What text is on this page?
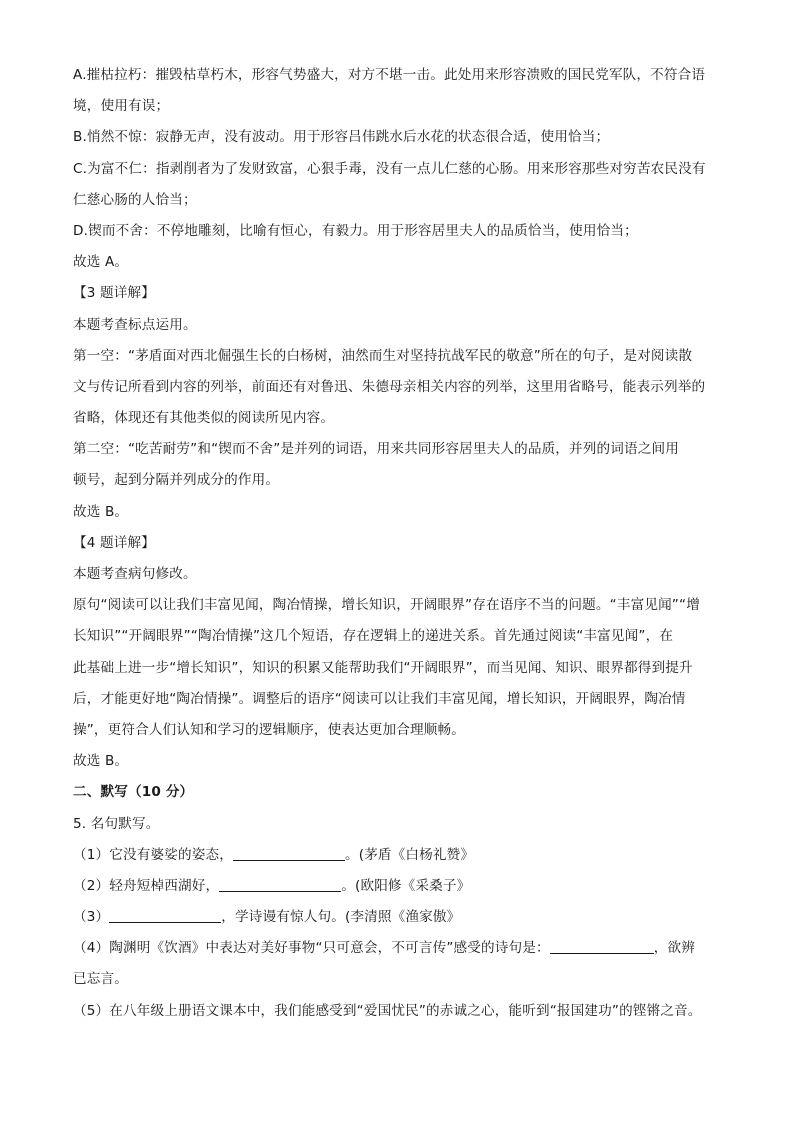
A.摧枯拉朽：摧毁枯草朽木，形容气势盛大，对方不堪一击。此处用来形容溃败的国民党军队，不符合语
境，使用有误；
B.悄然不惊：寂静无声，没有波动。用于形容吕伟跳水后水花的状态很合适，使用恰当；
C.为富不仁：指剥削者为了发财致富，心狠手毒，没有一点儿仁慈的心肠。用来形容那些对穷苦农民没有
仁慈心肠的人恰当；
D.锲而不舍：不停地雕刻，比喻有恒心，有毅力。用于形容居里夫人的品质恰当，使用恰当；
故选 A。
【3 题详解】
本题考查标点运用。
第一空：“茅盾面对西北倔强生长的白杨树，油然而生对坚持抗战军民的敬意”所在的句子，是对阅读散
文与传记所看到内容的列举，前面还有对鲁迅、朱德母亲相关内容的列举，这里用省略号，能表示列举的
省略，体现还有其他类似的阅读所见内容。
第二空：“吃苦耐劳”和“锲而不舍”是并列的词语，用来共同形容居里夫人的品质，并列的词语之间用
顿号，起到分隔并列成分的作用。
故选 B。
【4 题详解】
本题考查病句修改。
原句“阅读可以让我们丰富见闻，陶冶情操，增长知识，开阔眼界”存在语序不当的问题。“丰富见闻”“增
长知识”“开阔眼界”“陶冶情操”这几个短语，存在逻辑上的递进关系。首先通过阅读“丰富见闻”，在
此基础上进一步“增长知识”，知识的积累又能帮助我们“开阔眼界”，而当见闻、知识、眼界都得到提升
后，才能更好地“陶冶情操”。调整后的语序“阅读可以让我们丰富见闻，增长知识，开阔眼界，陶冶情
操”，更符合人们认知和学习的逻辑顺序，使表达更加合理顺畅。
故选 B。
二、默写（10 分）
5. 名句默写。
（1）它没有婆娑的姿态，	。(茅盾《白杨礼赞》
（2）轻舟短棹西湖好，	。(欧阳修《采桑子》
（3）	，学诗谩有惊人句。(李清照《渔家傲》
（4）陶渊明《饮酒》中表达对美好事物“只可意会，不可言传”感受的诗句是：	，欲辨
已忘言。
（5）在八年级上册语文课本中，我们能感受到“爱国忧民”的赤诚之心，能听到“报国建功”的铿锵之音。
